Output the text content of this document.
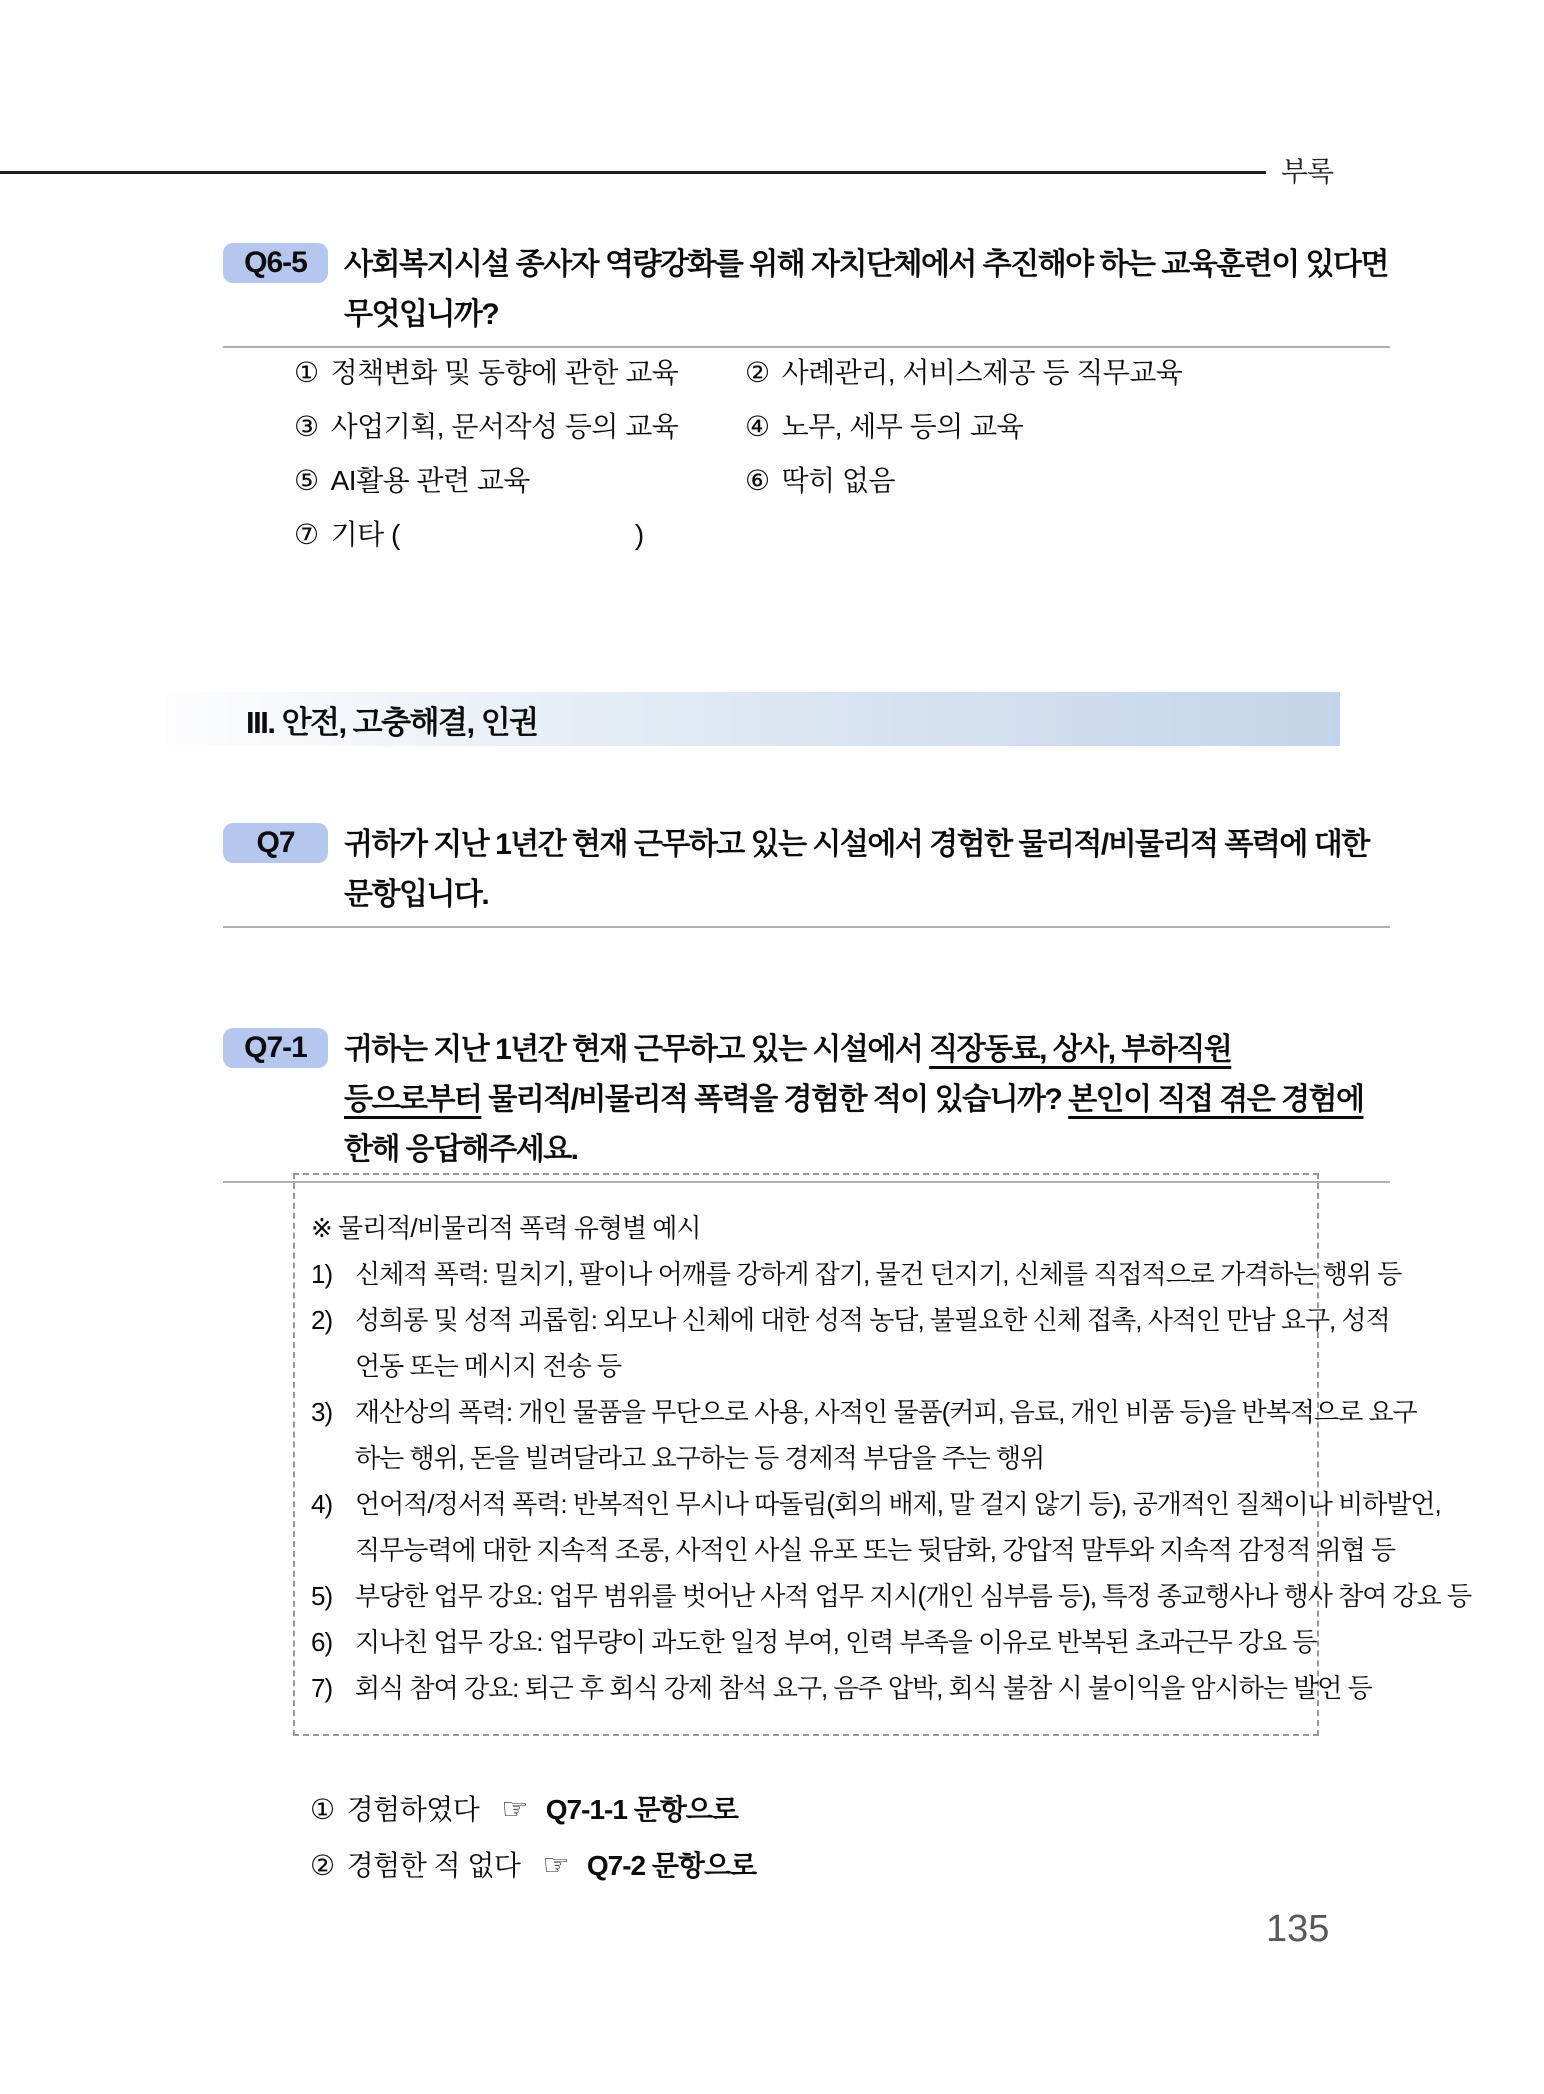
부록
Q6-5	사회복지시설 종사자 역량강화를 위해 자치단체에서 추진해야 하는 교육훈련이 있다면
무엇입니까?
① 정책변화 및 동향에 관한 교육	② 사례관리, 서비스제공 등 직무교육
③ 사업기획, 문서작성 등의 교육	④ 노무, 세무 등의 교육
⑤ AI활용 관련 교육	⑥ 딱히 없음
⑦ 기타 (	)
III. 안전, 고충해결, 인권
Q7	귀하가 지난 1년간 현재 근무하고 있는 시설에서 경험한 물리적/비물리적 폭력에 대한
문항입니다.
Q7-1	귀하는 지난 1년간 현재 근무하고 있는 시설에서 직장동료, 상사, 부하직원
등으로부터 물리적/비물리적 폭력을 경험한 적이 있습니까? 본인이 직접 겪은 경험에
한해 응답해주세요.
※ 물리적/비물리적 폭력 유형별 예시
1) 신체적 폭력: 밀치기, 팔이나 어깨를 강하게 잡기, 물건 던지기, 신체를 직접적으로 가격하는 행위 등
2) 성희롱 및 성적 괴롭힘: 외모나 신체에 대한 성적 농담, 불필요한 신체 접촉, 사적인 만남 요구, 성적
언동 또는 메시지 전송 등
3) 재산상의 폭력: 개인 물품을 무단으로 사용, 사적인 물품(커피, 음료, 개인 비품 등)을 반복적으로 요구
하는 행위, 돈을 빌려달라고 요구하는 등 경제적 부담을 주는 행위
4) 언어적/정서적 폭력: 반복적인 무시나 따돌림(회의 배제, 말 걸지 않기 등), 공개적인 질책이나 비하발언,
직무능력에 대한 지속적 조롱, 사적인 사실 유포 또는 뒷담화, 강압적 말투와 지속적 감정적 위협 등
5) 부당한 업무 강요: 업무 범위를 벗어난 사적 업무 지시(개인 심부름 등), 특정 종교행사나 행사 참여 강요 등
6) 지나친 업무 강요: 업무량이 과도한 일정 부여, 인력 부족을 이유로 반복된 초과근무 강요 등
7) 회식 참여 강요: 퇴근 후 회식 강제 참석 요구, 음주 압박, 회식 불참 시 불이익을 암시하는 발언 등
① 경험하였다 ☞ Q7-1-1 문항으로
② 경험한 적 없다 ☞ Q7-2 문항으로
135
